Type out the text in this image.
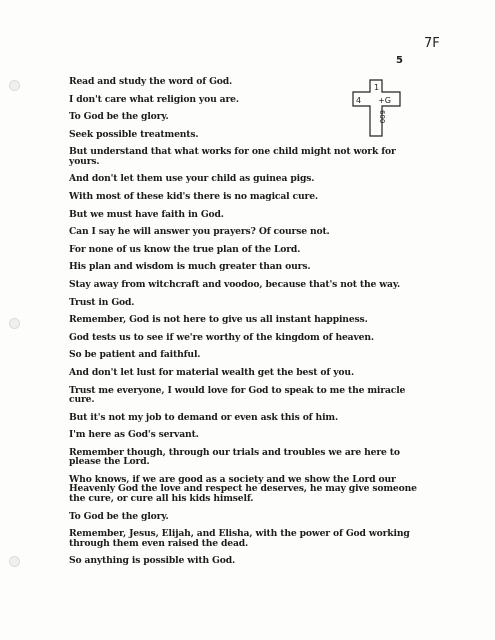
7F
5
1
4 +G
600
Read and study the word of God.
I don't care what religion you are.
To God be the glory.
Seek possible treatments.
But understand that what works for one child might not work for yours.
And don't let them use your child as guinea pigs.
With most of these kid's there is no magical cure.
But we must have faith in God.
Can I say he will answer you prayers? Of course not.
For none of us know the true plan of the Lord.
His plan and wisdom is much greater than ours.
Stay away from witchcraft and voodoo, because that's not the way.
Trust in God.
Remember, God is not here to give us all instant happiness.
God tests us to see if we're worthy of the kingdom of heaven.
So be patient and faithful.
And don't let lust for material wealth get the best of you.
Trust me everyone, I would love for God to speak to me the miracle cure.
But it's not my job to demand or even ask this of him.
I'm here as God's servant.
Remember though, through our trials and troubles we are here to please the Lord.
Who knows, if we are good as a society and we show the Lord our Heavenly God the love and respect he deserves, he may give someone the cure, or cure all his kids himself.
To God be the glory.
Remember, Jesus, Elijah, and Elisha, with the power of God working through them even raised the dead.
So anything is possible with God.
